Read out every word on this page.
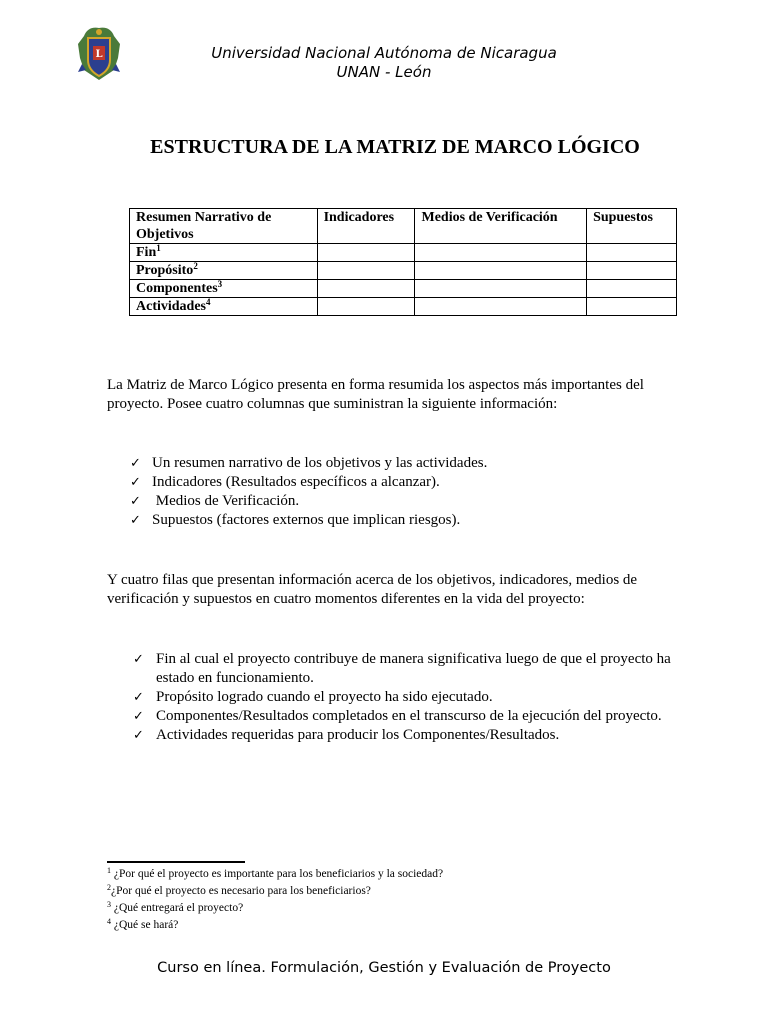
L	Universidad Nacional Autónoma de Nicaragua
UNAN - León
ESTRUCTURA DE LA MATRIZ DE MARCO LÓGICO
Resumen Narrativo de Objetivos	Indicadores	Medios de Verificación	Supuestos
Fin$^1$			
Propósito$^2$			
Componentes$^3$			
Actividades$^4$			
La Matriz de Marco Lógico presenta en forma resumida los aspectos más importantes del proyecto. Posee cuatro columnas que suministran la siguiente información:
✓ Un resumen narrativo de los objetivos y las actividades.
✓ Indicadores (Resultados específicos a alcanzar).
✓ Medios de Verificación.
✓ Supuestos (factores externos que implican riesgos).
Y cuatro filas que presentan información acerca de los objetivos, indicadores, medios de verificación y supuestos en cuatro momentos diferentes en la vida del proyecto:
✓ Fin al cual el proyecto contribuye de manera significativa luego de que el proyecto ha estado en funcionamiento.
✓ Propósito logrado cuando el proyecto ha sido ejecutado.
✓ Componentes/Resultados completados en el transcurso de la ejecución del proyecto.
✓ Actividades requeridas para producir los Componentes/Resultados.
$^1$ ¿Por qué el proyecto es importante para los beneficiarios y la sociedad?
$^2$¿Por qué el proyecto es necesario para los beneficiarios?
$^3$ ¿Qué entregará el proyecto?
$^4$ ¿Qué se hará?
Curso en línea. Formulación, Gestión y Evaluación de Proyecto
